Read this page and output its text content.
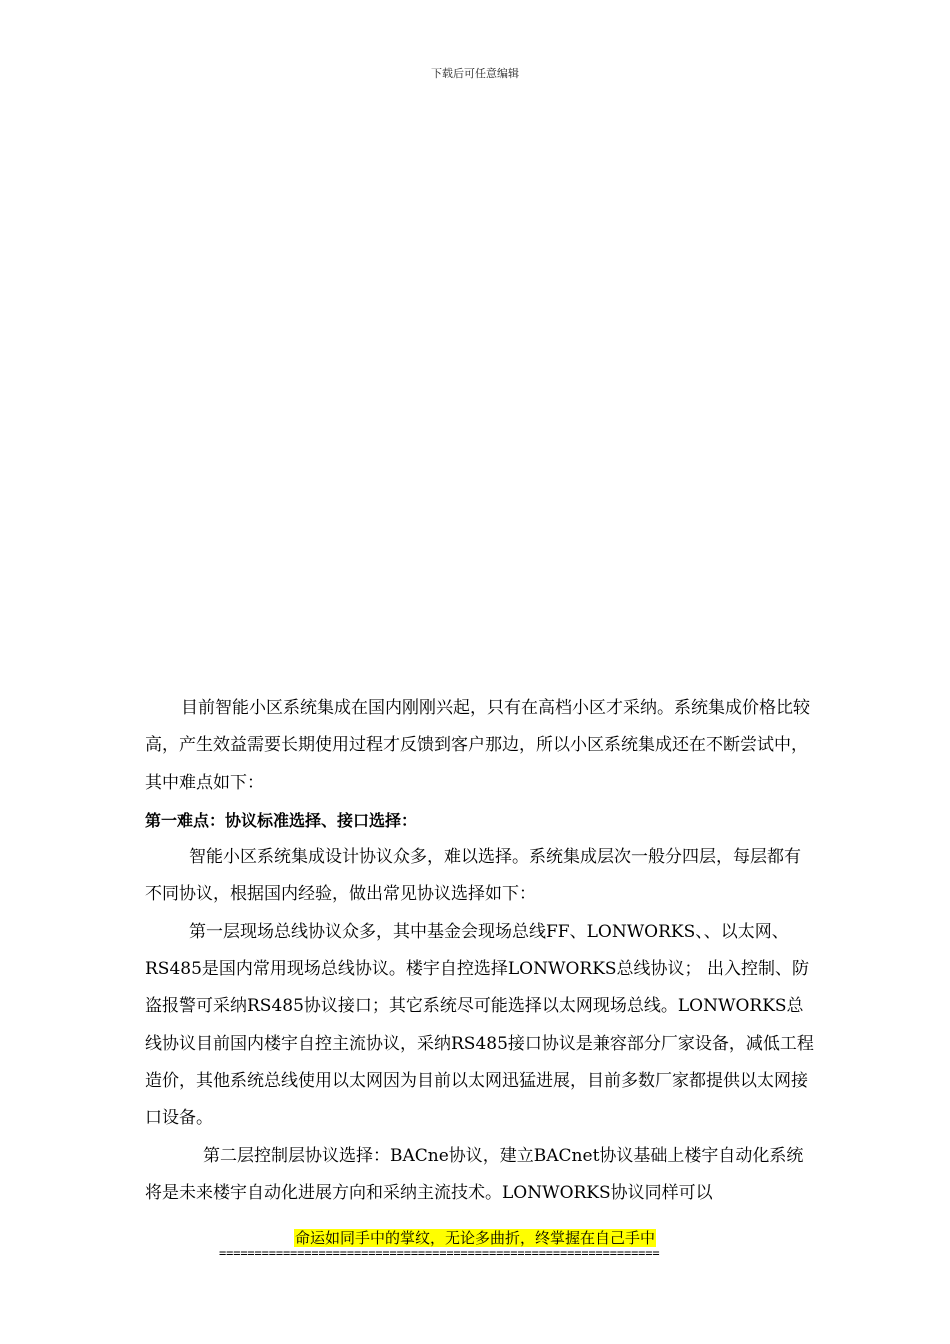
下载后可任意编辑

目前智能小区系统集成在国内刚刚兴起，只有在高档小区才采纳。系统集成价格比较高，产生效益需要长期使用过程才反馈到客户那边，所以小区系统集成还在不断尝试中，其中难点如下：

第一难点：协议标准选择、接口选择：

智能小区系统集成设计协议众多，难以选择。系统集成层次一般分四层，每层都有不同协议，根据国内经验，做出常见协议选择如下：

第一层现场总线协议众多，其中基金会现场总线FF、LONWORKS、、以太网、RS485是国内常用现场总线协议。楼宇自控选择LONWORKS总线协议； 出入控制、防盗报警可采纳RS485协议接口；其它系统尽可能选择以太网现场总线。LONWORKS总线协议目前国内楼宇自控主流协议，采纳RS485接口协议是兼容部分厂家设备，减低工程造价，其他系统总线使用以太网因为目前以太网迅猛进展，目前多数厂家都提供以太网接口设备。

第二层控制层协议选择：BACne协议，建立BACnet协议基础上楼宇自动化系统将是未来楼宇自动化进展方向和采纳主流技术。LONWORKS协议同样可以

命运如同手中的掌纹，无论多曲折，终掌握在自己手中
==============================================================
